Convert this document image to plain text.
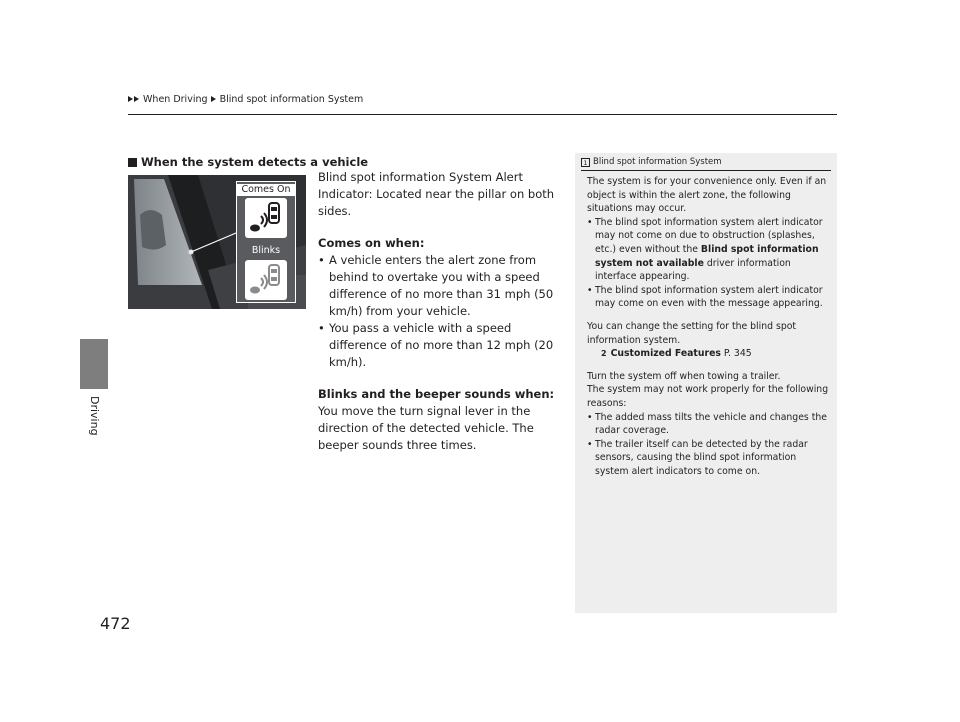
When Driving Blind spot information System
Driving
472
When the system detects a vehicle
Comes On
Blinks

Blind spot information System Alert Indicator: Located near the pillar on both sides.

Comes on when:

• A vehicle enters the alert zone from behind to overtake you with a speed difference of no more than 31 mph (50 km/h) from your vehicle.
• You pass a vehicle with a speed difference of no more than 12 mph (20 km/h).

Blinks and the beeper sounds when:

You move the turn signal lever in the direction of the detected vehicle. The beeper sounds three times.

1 Blind spot information System

The system is for your convenience only. Even if an object is within the alert zone, the following situations may occur.

• The blind spot information system alert indicator may not come on due to obstruction (splashes, etc.) even without the Blind spot information system not available driver information interface appearing.
• The blind spot information system alert indicator may come on even with the message appearing.

You can change the setting for the blind spot information system.

2 Customized Features P. 345

Turn the system off when towing a trailer.

The system may not work properly for the following reasons:

• The added mass tilts the vehicle and changes the radar coverage.
• The trailer itself can be detected by the radar sensors, causing the blind spot information system alert indicators to come on.
